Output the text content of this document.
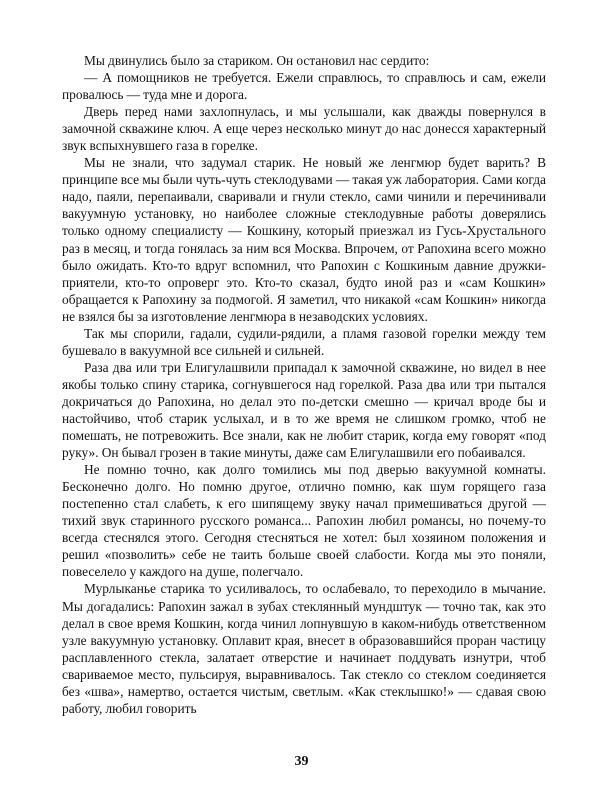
Мы двинулись было за стариком. Он остановил нас сердито:

— А помощников не требуется. Ежели справлюсь, то справлюсь и сам, ежели провалюсь — туда мне и дорога.

Дверь перед нами захлопнулась, и мы услышали, как дважды повернулся в замочной скважине ключ. А еще через несколько минут до нас донесся характерный звук вспыхнувшего газа в горелке.

Мы не знали, что задумал старик. Не новый же ленгмюр будет варить? В принципе все мы были чуть-чуть стеклодувами — такая уж лаборатория. Сами когда надо, паяли, перепаивали, сваривали и гнули стекло, сами чинили и перечинивали вакуумную установку, но наиболее сложные стеклодувные работы доверялись только одному специалисту — Кошкину, который приезжал из Гусь-Хрустального раз в месяц, и тогда гонялась за ним вся Москва. Впрочем, от Рапохина всего можно было ожидать. Кто-то вдруг вспомнил, что Рапохин с Кошкиным давние дружки-приятели, кто-то опроверг это. Кто-то сказал, будто иной раз и «сам Кошкин» обращается к Рапохину за подмогой. Я заметил, что никакой «сам Кошкин» никогда не взялся бы за изготовление ленгмюра в незаводских условиях.

Так мы спорили, гадали, судили-рядили, а пламя газовой горелки между тем бушевало в вакуумной все сильней и сильней.

Раза два или три Елигулашвили припадал к замочной скважине, но видел в нее якобы только спину старика, согнувшегося над горелкой. Раза два или три пытался докричаться до Рапохина, но делал это по-детски смешно — кричал вроде бы и настойчиво, чтоб старик услыхал, и в то же время не слишком громко, чтоб не помешать, не потревожить. Все знали, как не любит старик, когда ему говорят «под руку». Он бывал грозен в такие минуты, даже сам Елигулашвили его побаивался.

Не помню точно, как долго томились мы под дверью вакуумной комнаты. Бесконечно долго. Но помню другое, отлично помню, как шум горящего газа постепенно стал слабеть, к его шипящему звуку начал примешиваться другой — тихий звук старинного русского романса... Рапохин любил романсы, но почему-то всегда стеснялся этого. Сегодня стесняться не хотел: был хозяином положения и решил «позволить» себе не таить больше своей слабости. Когда мы это поняли, повеселело у каждого на душе, полегчало.

Мурлыканье старика то усиливалось, то ослабевало, то переходило в мычание. Мы догадались: Рапохин зажал в зубах стеклянный мундштук — точно так, как это делал в свое время Кошкин, когда чинил лопнувшую в каком-нибудь ответственном узле вакуумную установку. Оплавит края, внесет в образовавшийся проран частицу расплавленного стекла, залатает отверстие и начинает поддувать изнутри, чтоб свариваемое место, пульсируя, выравнивалось. Так стекло со стеклом соединяется без «шва», намертво, остается чистым, светлым. «Как стеклышко!» — сдавая свою работу, любил говорить

39
